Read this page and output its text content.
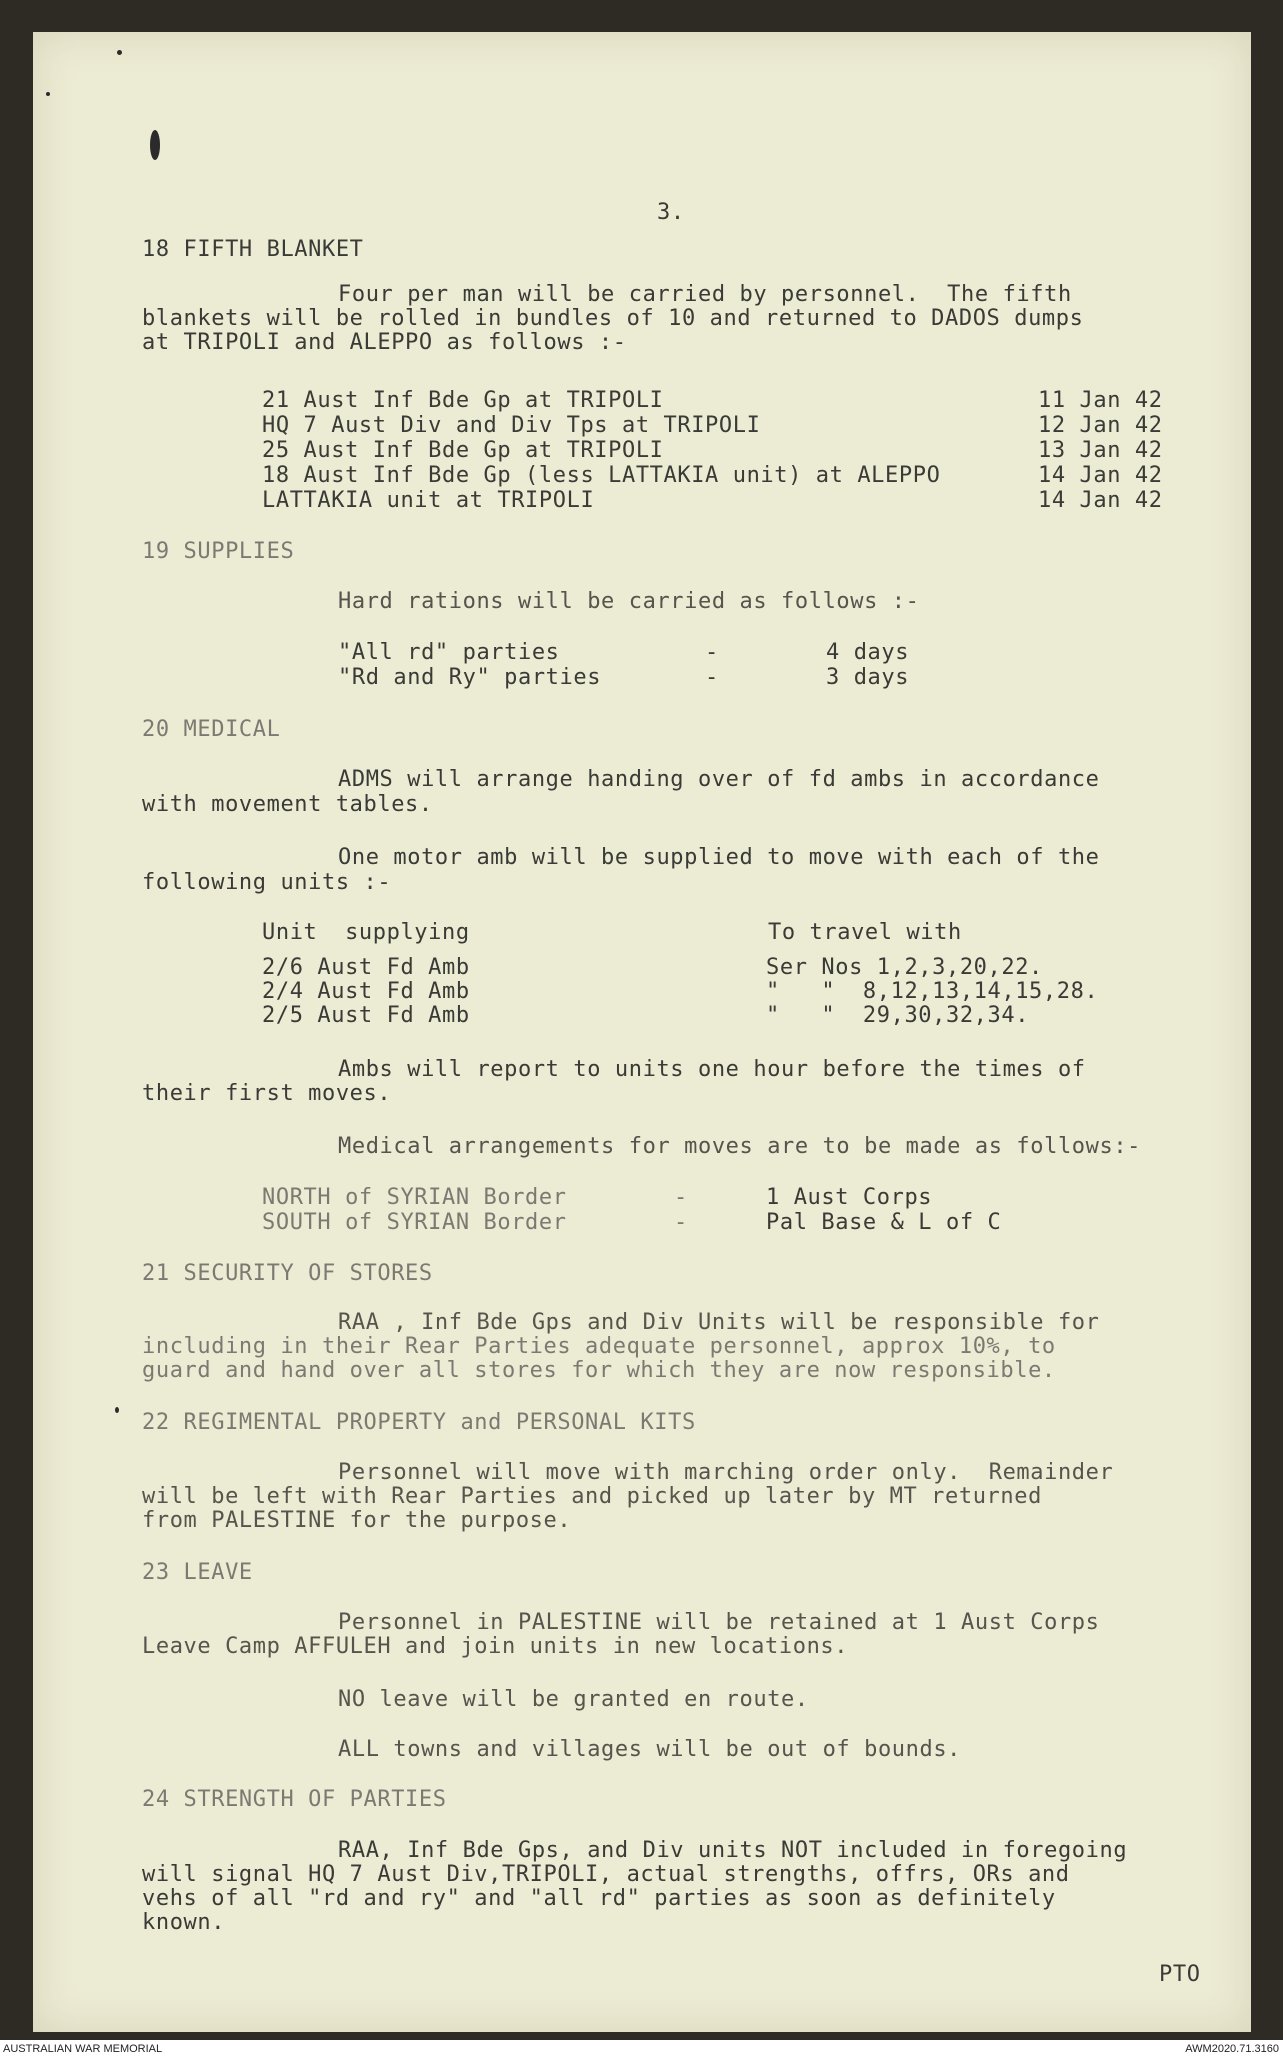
3.
18 FIFTH BLANKET
Four per man will be carried by personnel.  The fifth
blankets will be rolled in bundles of 10 and returned to DADOS dumps
at TRIPOLI and ALEPPO as follows :-
21 Aust Inf Bde Gp at TRIPOLI	11 Jan 42
HQ 7 Aust Div and Div Tps at TRIPOLI	12 Jan 42
25 Aust Inf Bde Gp at TRIPOLI	13 Jan 42
18 Aust Inf Bde Gp (less LATTAKIA unit) at ALEPPO	14 Jan 42
LATTAKIA unit at TRIPOLI	14 Jan 42
19 SUPPLIES
Hard rations will be carried as follows :-
"All rd" parties	-	4 days
"Rd and Ry" parties	-	3 days
20 MEDICAL
ADMS will arrange handing over of fd ambs in accordance
with movement tables.
One motor amb will be supplied to move with each of the
following units :-
Unit  supplying	To travel with
2/6 Aust Fd Amb	Ser Nos 1,2,3,20,22.
2/4 Aust Fd Amb	"   "  8,12,13,14,15,28.
2/5 Aust Fd Amb	"   "  29,30,32,34.
Ambs will report to units one hour before the times of
their first moves.
Medical arrangements for moves are to be made as follows:-
NORTH of SYRIAN Border	-	1 Aust Corps
SOUTH of SYRIAN Border	-	Pal Base & L of C
21 SECURITY OF STORES
RAA , Inf Bde Gps and Div Units will be responsible for
including in their Rear Parties adequate personnel, approx 10%, to
guard and hand over all stores for which they are now responsible.
22 REGIMENTAL PROPERTY and PERSONAL KITS
Personnel will move with marching order only.  Remainder
will be left with Rear Parties and picked up later by MT returned
from PALESTINE for the purpose.
23 LEAVE
Personnel in PALESTINE will be retained at 1 Aust Corps
Leave Camp AFFULEH and join units in new locations.
NO leave will be granted en route.
ALL towns and villages will be out of bounds.
24 STRENGTH OF PARTIES
RAA, Inf Bde Gps, and Div units NOT included in foregoing
will signal HQ 7 Aust Div,TRIPOLI, actual strengths, offrs, ORs and
vehs of all "rd and ry" and "all rd" parties as soon as definitely
known.
PTO
AUSTRALIAN WAR MEMORIAL	AWM2020.71.3160
